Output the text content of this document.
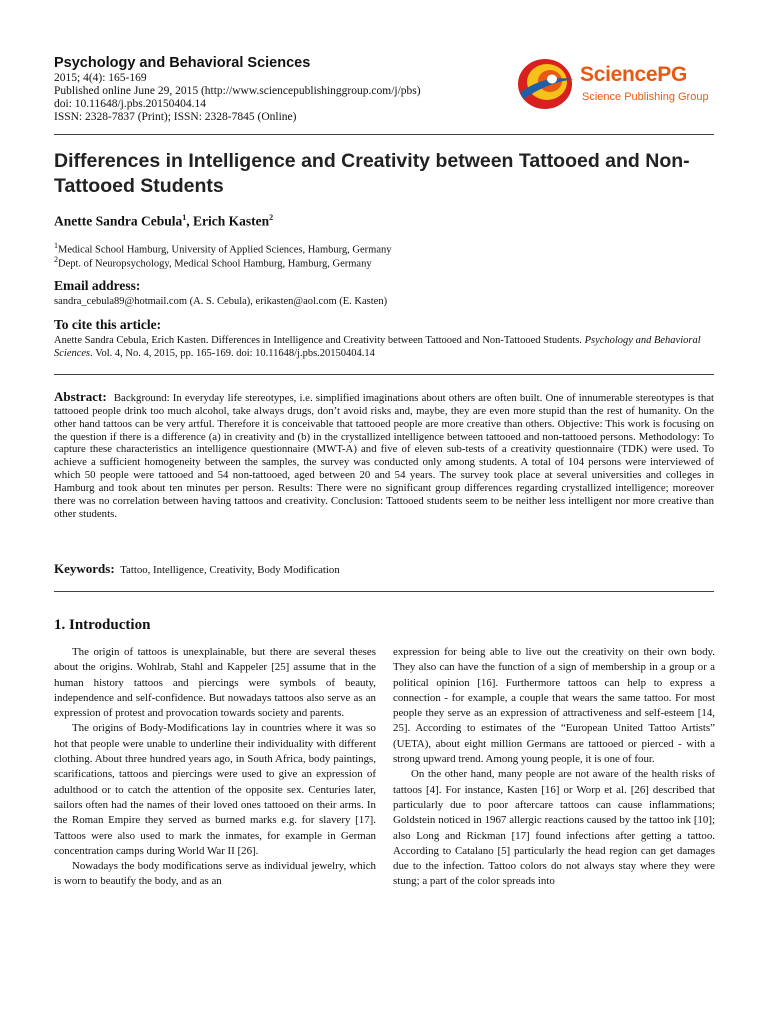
Psychology and Behavioral Sciences
2015; 4(4): 165-169
Published online June 29, 2015 (http://www.sciencepublishinggroup.com/j/pbs)
doi: 10.11648/j.pbs.20150404.14
ISSN: 2328-7837 (Print); ISSN: 2328-7845 (Online)
SciencePG
Science Publishing Group
Differences in Intelligence and Creativity between Tattooed and Non-Tattooed Students
Anette Sandra Cebula$^1$, Erich Kasten$^2$
$^1$Medical School Hamburg, University of Applied Sciences, Hamburg, Germany
$^2$Dept. of Neuropsychology, Medical School Hamburg, Hamburg, Germany
Email address:
sandra_cebula89@hotmail.com (A. S. Cebula), erikasten@aol.com (E. Kasten)
To cite this article:
Anette Sandra Cebula, Erich Kasten. Differences in Intelligence and Creativity between Tattooed and Non-Tattooed Students. Psychology and Behavioral Sciences. Vol. 4, No. 4, 2015, pp. 165-169. doi: 10.11648/j.pbs.20150404.14
Abstract: Background: In everyday life stereotypes, i.e. simplified imaginations about others are often built. One of innumerable stereotypes is that tattooed people drink too much alcohol, take always drugs, don’t avoid risks and, maybe, they are even more stupid than the rest of humanity. On the other hand tattoos can be very artful. Therefore it is conceivable that tattooed people are more creative than others. Objective: This work is focusing on the question if there is a difference (a) in creativity and (b) in the crystallized intelligence between tattooed and non-tattooed persons. Methodology: To capture these characteristics an intelligence questionnaire (MWT-A) and five of eleven sub-tests of a creativity questionnaire (TDK) were used. To achieve a sufficient homogeneity between the samples, the survey was conducted only among students. A total of 104 persons were interviewed of which 50 people were tattooed and 54 non-tattooed, aged between 20 and 54 years. The survey took place at several universities and colleges in Hamburg and took about ten minutes per person. Results: There were no significant group differences regarding crystallized intelligence; moreover there was no correlation between having tattoos and creativity. Conclusion: Tattooed students seem to be neither less intelligent nor more creative than other students.
Keywords: Tattoo, Intelligence, Creativity, Body Modification
1. Introduction

The origin of tattoos is unexplainable, but there are several theses about the origins. Wohlrab, Stahl and Kappeler [25] assume that in the human history tattoos and piercings were symbols of beauty, independence and self-confidence. But nowadays tattoos also serve as an expression of protest and provocation towards society and parents.

The origins of Body-Modifications lay in countries where it was so hot that people were unable to underline their individuality with different clothing. About three hundred years ago, in South Africa, body paintings, scarifications, tattoos and piercings were used to give an expression of adulthood or to catch the attention of the opposite sex. Centuries later, sailors often had the names of their loved ones tattooed on their arms. In the Roman Empire they served as burned marks e.g. for slavery [17]. Tattoos were also used to mark the inmates, for example in German concentration camps during World War II [26].

Nowadays the body modifications serve as individual jewelry, which is worn to beautify the body, and as an

expression for being able to live out the creativity on their own body. They also can have the function of a sign of membership in a group or a political opinion [16]. Furthermore tattoos can help to express a connection - for example, a couple that wears the same tattoo. For most people they serve as an expression of attractiveness and self-esteem [14, 25]. According to estimates of the “European United Tattoo Artists” (UETA), about eight million Germans are tattooed or pierced - with a strong upward trend. Among young people, it is one of four.

On the other hand, many people are not aware of the health risks of tattoos [4]. For instance, Kasten [16] or Worp et al. [26] described that particularly due to poor aftercare tattoos can cause inflammations; Goldstein noticed in 1967 allergic reactions caused by the tattoo ink [10]; also Long and Rickman [17] found infections after getting a tattoo. According to Catalano [5] particularly the head region can get damages due to the infection. Tattoo colors do not always stay where they were stung; a part of the color spreads into
